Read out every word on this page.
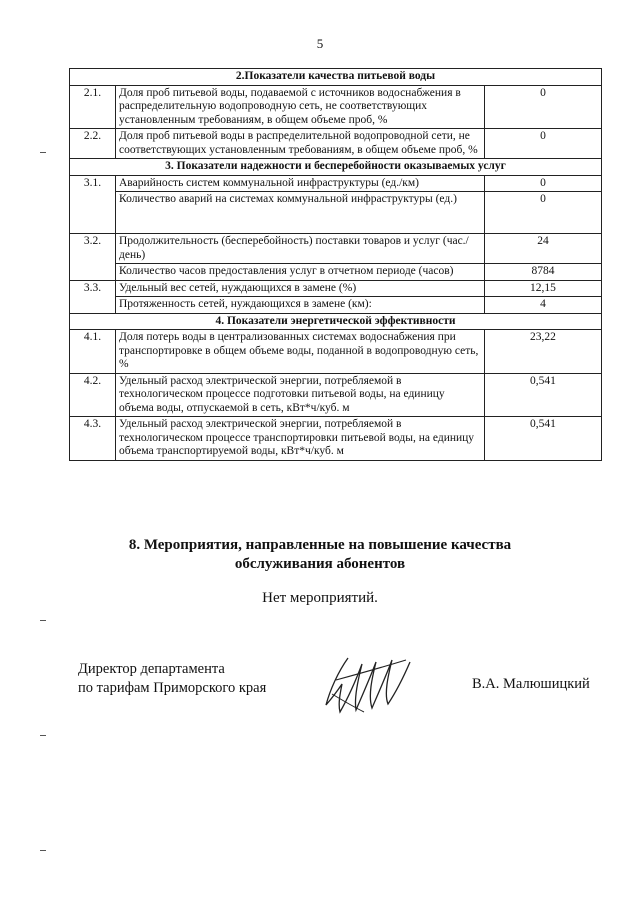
5
2.Показатели качества питьевой воды		
2.1.	Доля проб питьевой воды, подаваемой с источников водоснабжения в распределительную водопроводную сеть, не соответствующих установленным требованиям, в общем объеме проб, %	0
2.2.	Доля проб питьевой воды в распределительной водопроводной сети, не соответствующих установленным требованиям, в общем объеме проб, %	0
3. Показатели надежности и бесперебойности оказываемых услуг		
3.1.	Аварийность систем коммунальной инфраструктуры (ед./км)	0
	Количество аварий на системах коммунальной инфраструктуры (ед.)	0
3.2.	Продолжительность (бесперебойность) поставки товаров и услуг (час./день)	24
	Количество часов предоставления услуг в отчетном периоде (часов)	8784
3.3.	Удельный вес сетей, нуждающихся в замене (%)	12,15
	Протяженность сетей, нуждающихся в замене (км):	4
4. Показатели энергетической эффективности		
4.1.	Доля потерь воды в централизованных системах водоснабжения при транспортировке в общем объеме воды, поданной в водопроводную сеть, %	23,22
4.2.	Удельный расход электрической энергии, потребляемой в технологическом процессе подготовки питьевой воды, на единицу объема воды, отпускаемой в сеть, кВт*ч/куб. м	0,541
4.3.	Удельный расход электрической энергии, потребляемой в технологическом процессе транспортировки питьевой воды, на единицу объема транспортируемой воды, кВт*ч/куб. м	0,541
8. Мероприятия, направленные на повышение качества
обслуживания абонентов
Нет мероприятий.
Директор департамента
по тарифам Приморского края	В.А. Малюшицкий
